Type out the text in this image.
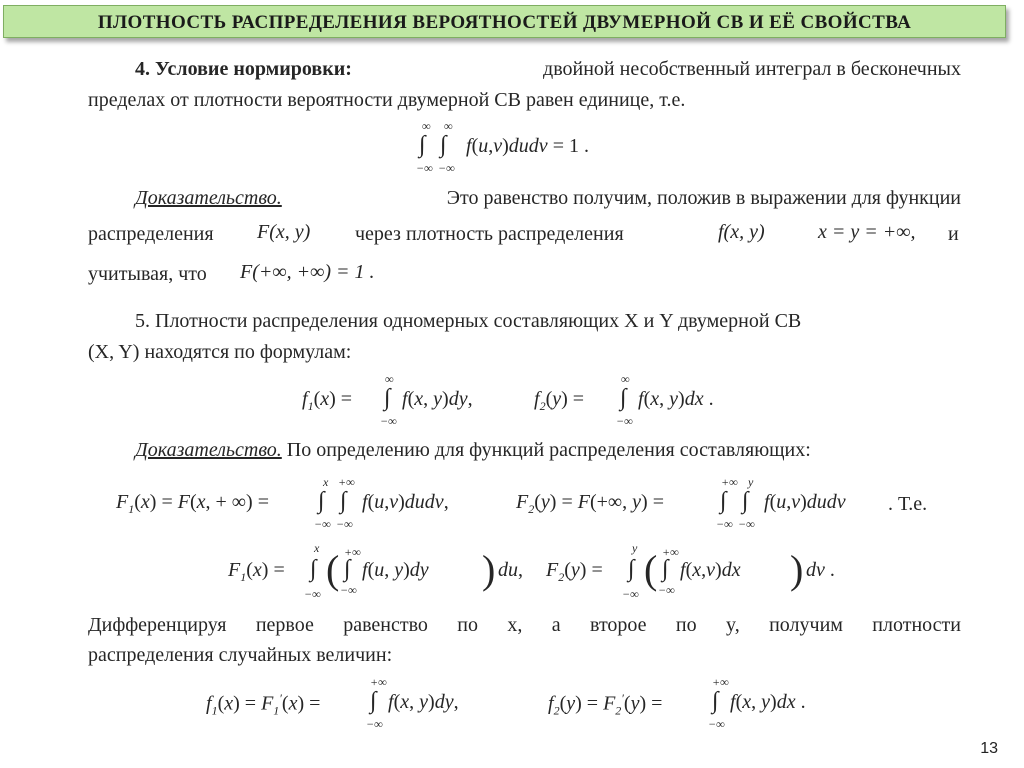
ПЛОТНОСТЬ РАСПРЕДЕЛЕНИЯ ВЕРОЯТНОСТЕЙ ДВУМЕРНОЙ СВ И ЕЁ СВОЙСТВА
4. Условие нормировки:	двойной несобственный интеграл в бесконечных
пределах от плотности вероятности двумерной СВ равен единице, т.е.
∞ ∞
∫ ∫
−∞ −∞
f(u,v)dudv = 1 .
Доказательство.	Это равенство получим, положив в выражении для функции
распределения F(x, y) через плотность распределения	f(x, y)	x = y = +∞, и
учитывая, что F(+∞, +∞) = 1 .
5. Плотности распределения одномерных составляющих X и Y двумерной СВ
(X, Y) находятся по формулам:
$f_1(x)$ =
∞
∫
−∞
f(x, y)dy,	$f_2(y)$ =
∞
∫
−∞
f(x, y)dx .
Доказательство. По определению для функций распределения составляющих:
$F_1(x) = F(x$, + ∞) =
x +∞
∫ ∫
−∞ −∞
f(u,v)dudv,	$F_2(y) = F(+\infty$, y) =
+∞ y
∫ ∫
−∞ −∞
f(u,v)dudv . Т.е.
$F_1(x)$ =
x
∫
−∞
( +∞
∫
−∞
f(u, y)dy ) du, $F_2(y)$ =
y
∫
−∞
( +∞
∫
−∞
f(x,v)dx ) dv .
Дифференцируя первое равенство по x, а второе по y, получим плотности
распределения случайных величин:
$f_1(x) = F_1'(x)$ =
+∞
∫
−∞
f(x, y)dy,	$f_2(y) = F_2'(y)$ =
+∞
∫
−∞
f(x, y)dx .
13
